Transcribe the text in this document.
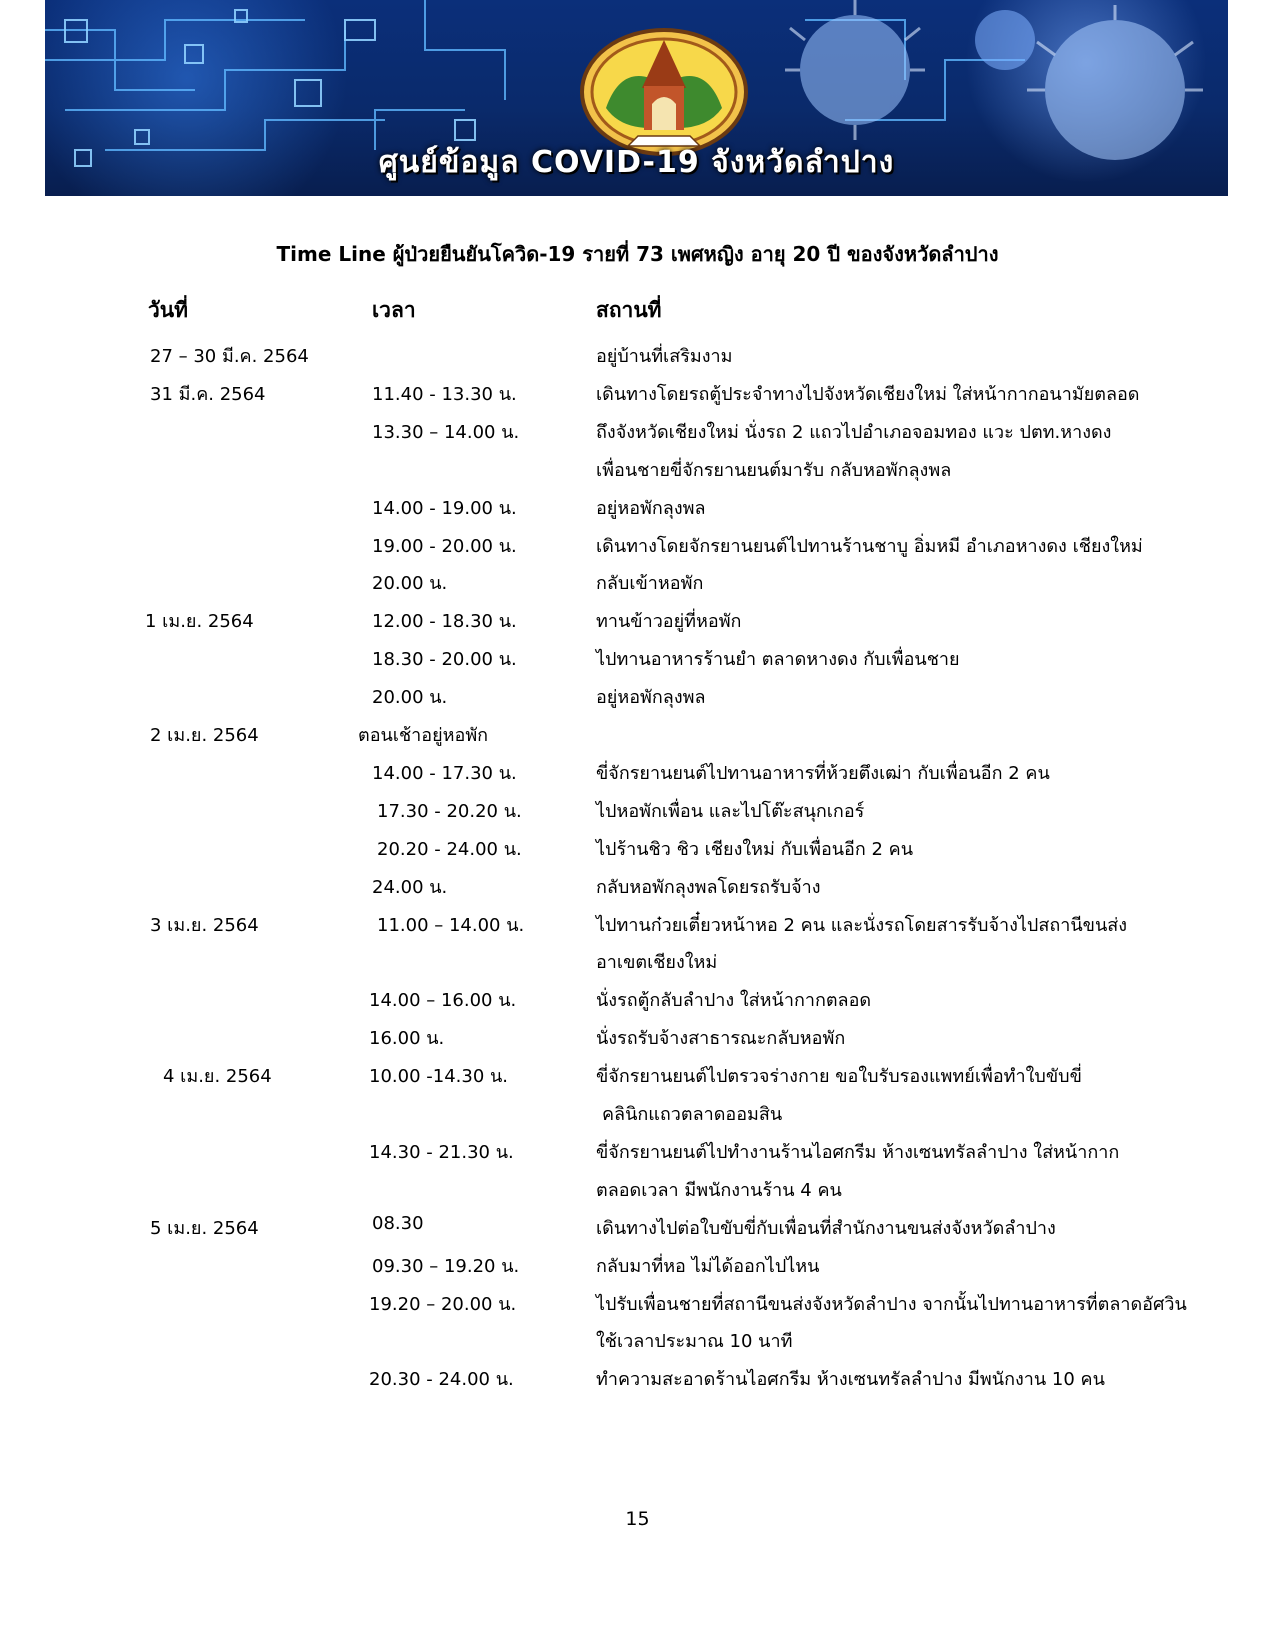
ศูนย์ข้อมูล COVID-19 จังหวัดลำปาง
Time Line ผู้ป่วยยืนยันโควิด-19 รายที่ 73 เพศหญิง อายุ 20 ปี ของจังหวัดลำปาง
วันที่	เวลา	สถานที่
27 – 30 มี.ค. 2564	อยู่บ้านที่เสริมงาม
31 มี.ค. 2564	11.40 - 13.30 น.	เดินทางโดยรถตู้ประจำทางไปจังหวัดเชียงใหม่ ใส่หน้ากากอนามัยตลอด
13.30 – 14.00 น.	ถึงจังหวัดเชียงใหม่ นั่งรถ 2 แถวไปอำเภอจอมทอง แวะ ปตท.หางดง
เพื่อนชายขี่จักรยานยนต์มารับ กลับหอพักลุงพล
14.00 - 19.00 น.	อยู่หอพักลุงพล
19.00 - 20.00 น.	เดินทางโดยจักรยานยนต์ไปทานร้านชาบู อิ่มหมี อำเภอหางดง เชียงใหม่
20.00 น.	กลับเข้าหอพัก
1 เม.ย. 2564	12.00 - 18.30 น.	ทานข้าวอยู่ที่หอพัก
18.30 - 20.00 น.	ไปทานอาหารร้านยำ ตลาดหางดง กับเพื่อนชาย
20.00 น.	อยู่หอพักลุงพล
2 เม.ย. 2564	ตอนเช้าอยู่หอพัก
14.00 - 17.30 น.	ขี่จักรยานยนต์ไปทานอาหารที่ห้วยตึงเฒ่า กับเพื่อนอีก 2 คน
17.30 - 20.20 น.	ไปหอพักเพื่อน และไปโต๊ะสนุกเกอร์
20.20 - 24.00 น.	ไปร้านชิว ชิว เชียงใหม่ กับเพื่อนอีก 2 คน
24.00 น.	กลับหอพักลุงพลโดยรถรับจ้าง
3 เม.ย. 2564	11.00 – 14.00 น.	ไปทานก๋วยเตี๋ยวหน้าหอ 2 คน และนั่งรถโดยสารรับจ้างไปสถานีขนส่ง
อาเขตเชียงใหม่
14.00 – 16.00 น.	นั่งรถตู้กลับลำปาง ใส่หน้ากากตลอด
16.00 น.	นั่งรถรับจ้างสาธารณะกลับหอพัก
4 เม.ย. 2564	10.00 -14.30 น.	ขี่จักรยานยนต์ไปตรวจร่างกาย ขอใบรับรองแพทย์เพื่อทำใบขับขี่
คลินิกแถวตลาดออมสิน
14.30 - 21.30 น.	ขี่จักรยานยนต์ไปทำงานร้านไอศกรีม ห้างเซนทรัลลำปาง ใส่หน้ากาก
ตลอดเวลา มีพนักงานร้าน 4 คน
5 เม.ย. 2564	08.30	เดินทางไปต่อใบขับขี่กับเพื่อนที่สำนักงานขนส่งจังหวัดลำปาง
09.30 – 19.20 น.	กลับมาที่หอ ไม่ได้ออกไปไหน
19.20 – 20.00 น.	ไปรับเพื่อนชายที่สถานีขนส่งจังหวัดลำปาง จากนั้นไปทานอาหารที่ตลาดอัศวิน
ใช้เวลาประมาณ 10 นาที
20.30 - 24.00 น.	ทำความสะอาดร้านไอศกรีม ห้างเซนทรัลลำปาง มีพนักงาน 10 คน
15
